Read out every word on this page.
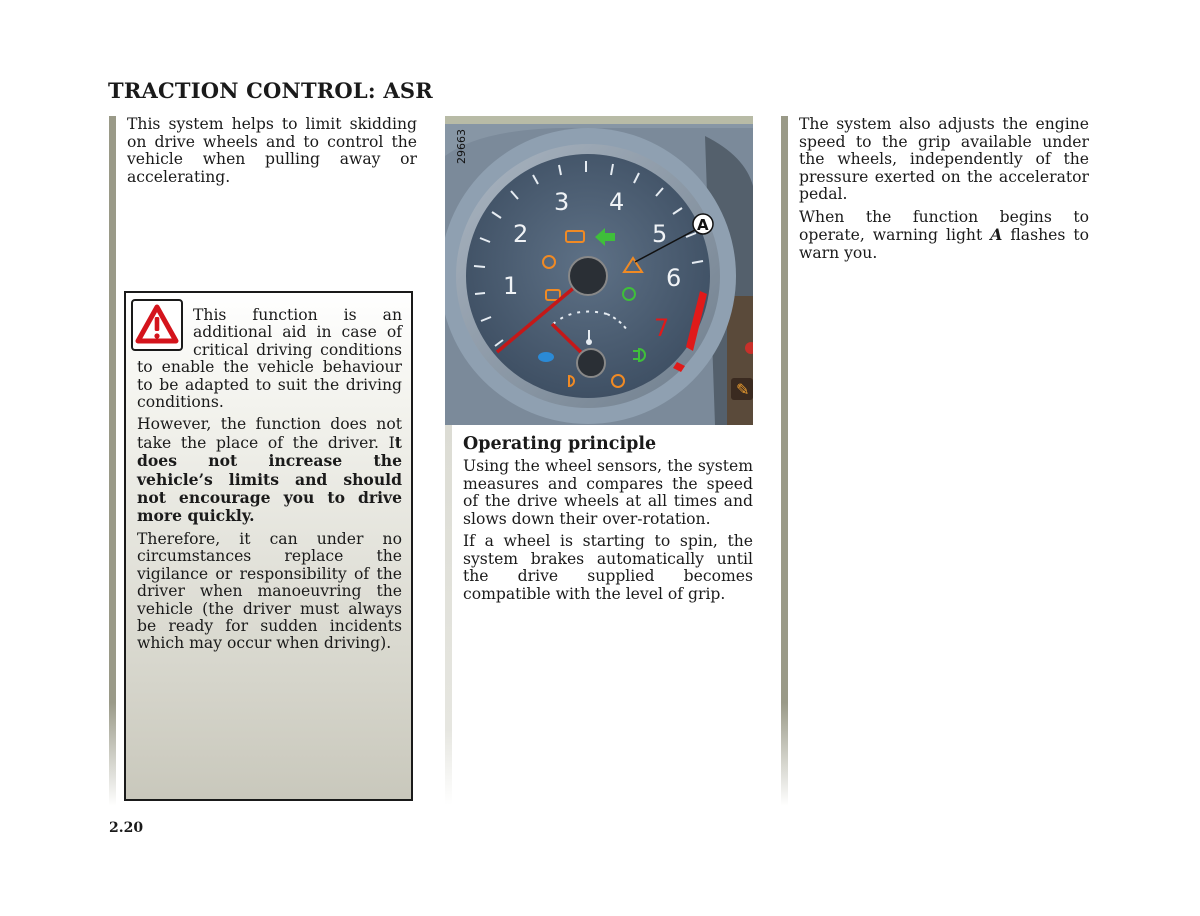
TRACTION CONTROL: ASR

This system helps to limit skidding on drive wheels and to control the vehicle when pulling away or accelerating.

This function is an additional aid in case of critical driving conditions to enable the vehicle behaviour to be adapted to suit the driving conditions.

However, the function does not take the place of the driver. It does not increase the vehicle’s limits and should not encourage you to drive more quickly.

Therefore, it can under no circumstances replace the vigilance or responsibility of the driver when manoeuvring the vehicle (the driver must always be ready for sudden incidents which may occur when driving).

✎
29663
1
2
3 4
5
6
7
A
Operating principle

Using the wheel sensors, the system measures and compares the speed of the drive wheels at all times and slows down their over-rotation.

If a wheel is starting to spin, the system brakes automatically until the drive supplied becomes compatible with the level of grip.

The system also adjusts the engine speed to the grip available under the wheels, independently of the pressure exerted on the accelerator pedal.

When the function begins to operate, warning light A flashes to warn you.

2.20
